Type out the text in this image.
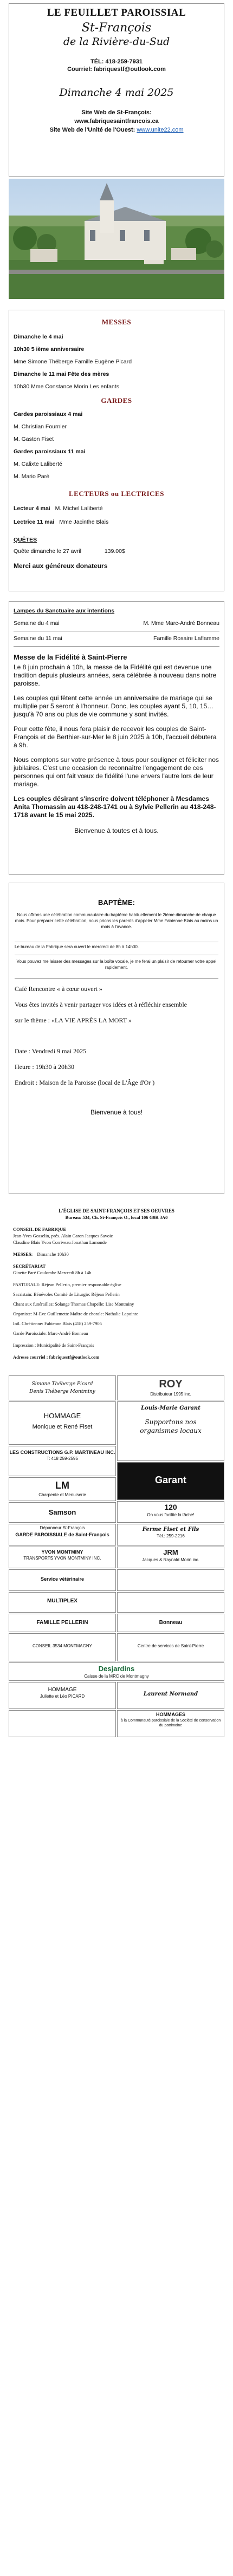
LE FEUILLET PAROISSIAL
St-François
de la Rivière-du-Sud
TÉL: 418-259-7931
Courriel: fabriquestf@outlook.com
Dimanche 4 mai 2025
Site Web de St-François:
www.fabriquesaintfrancois.ca
Site Web de l'Unité de l'Ouest: www.unite22.com
MESSES
Dimanche le 4 mai
10h30 5 ième anniversaire
Mme Simone Théberge Famille Eugène Picard
Dimanche le 11 mai Fête des mères
10h30 Mme Constance Morin Les enfants
GARDES
Gardes paroissiaux 4 mai
M. Christian Fournier
M. Gaston Fiset
Gardes paroissiaux 11 mai
M. Calixte Laliberté
M. Mario Paré
LECTEURS ou LECTRICES
Lecteur 4 mai M. Michel Laliberté
Lectrice 11 mai Mme Jacinthe Blais
QUÊTES
Quête dimanche le 27 avril	139.00$
Merci aux généreux donateurs
Lampes du Sanctuaire aux intentions
Semaine du 4 mai	M. Mme Marc-André Bonneau
Semaine du 11 mai	Famille Rosaire Laflamme
Messe de la Fidélité à Saint-Pierre

Le 8 juin prochain à 10h, la messe de la Fidélité qui est devenue une tradition depuis plusieurs années, sera célébrée à nouveau dans notre paroisse.

Les couples qui fêtent cette année un anniversaire de mariage qui se multiplie par 5 seront à l'honneur. Donc, les couples ayant 5, 10, 15… jusqu'à 70 ans ou plus de vie commune y sont invités.

Pour cette fête, il nous fera plaisir de recevoir les couples de Saint-François et de Berthier-sur-Mer le 8 juin 2025 à 10h, l'accueil débutera à 9h.

Nous comptons sur votre présence à tous pour souligner et féliciter nos jubilaires. C'est une occasion de reconnaître l'engagement de ces personnes qui ont fait vœux de fidélité l'une envers l'autre lors de leur mariage.

Les couples désirant s'inscrire doivent téléphoner à Mesdames Anita Thomassin au 418-248-1741 ou à Sylvie Pellerin au 418-248-1718 avant le 15 mai 2025.

Bienvenue à toutes et à tous.

BAPTÊME:

Nous offrons une célébration communautaire du baptême habituellement le 2ième dimanche de chaque mois. Pour préparer cette célébration, nous prions les parents d'appeler Mme Fabienne Blais au moins un mois à l'avance.

Le bureau de la Fabrique sera ouvert le mercredi de 8h à 14h00.

Vous pouvez me laisser des messages sur la boîte vocale, je me ferai un plaisir de retourner votre appel rapidement.

Café Rencontre « à cœur ouvert »

Vous êtes invités à venir partager vos idées et à réfléchir ensemble

sur le thème : «LA VIE APRÈS LA MORT »

Date : Vendredi 9 mai 2025

Heure : 19h30 à 20h30

Endroit : Maison de la Paroisse (local de L'Âge d'Or )

Bienvenue à tous!

L'ÉGLISE DE SAINT-FRANÇOIS ET SES OEUVRES
Bureau: 534, Ch. St-François O., local 106 G0R 3A0
CONSEIL DE FABRIQUE
Jean-Yves Gosselin, prés. Alain Caron Jacques Savoie
Claudine Blais Yvon Corriveau Jonathan Lamonde
MESSES: Dimanche 10h30
SECRÉTARIAT
Ginette Paré Coulombe Mercredi 8h à 14h
PASTORALE: Réjean Pellerin, premier responsable église
Sacristain: Bénévoles Comité de Liturgie: Réjean Pellerin
Chant aux funérailles: Solange Thomas Chapelle: Lise Montminy
Organiste: M-Eve Guillemette Maître de chorale: Nathalie Lapointe
Intl. Chrétienne: Fabienne Blais (418) 259-7905
Garde Paroissiale: Marc-André Bonneau
Impression : Municipalité de Saint-François
Adresse courriel : fabriquestf@outlook.com
Simone Théberge Picard
Denis Théberge Montminy
ROY
Distributeur 1995 inc.
HOMMAGE
Monique et René Fiset
Louis-Marie Garant
Supportons nos organismes locaux
LES CONSTRUCTIONS G.P. MARTINEAU INC.
T: 418 259-2595
Garant
LM
Charpente et Menuiserie
Samson
120
On vous facilite la tâche!
Dépanneur St-François
GARDE PAROISSIALE de Saint-François
Ferme Fiset et Fils
Tél.: 259-2216
YVON MONTMINY
TRANSPORTS YVON MONTMINY INC.
JRM
Jacques & Raynald Morin inc.
Service vétérinaire

MULTIPLEX

FAMILLE PELLERIN	Bonneau
CONSEIL 3534 MONTMAGNY	Centre de services de Saint-Pierre
Desjardins
Caisse de la MRC de Montmagny
HOMMAGE
Juliette et Léo PICARD	Laurent Normand

HOMMAGES
à la Communauté paroissiale de la Société de conservation du patrimoine
